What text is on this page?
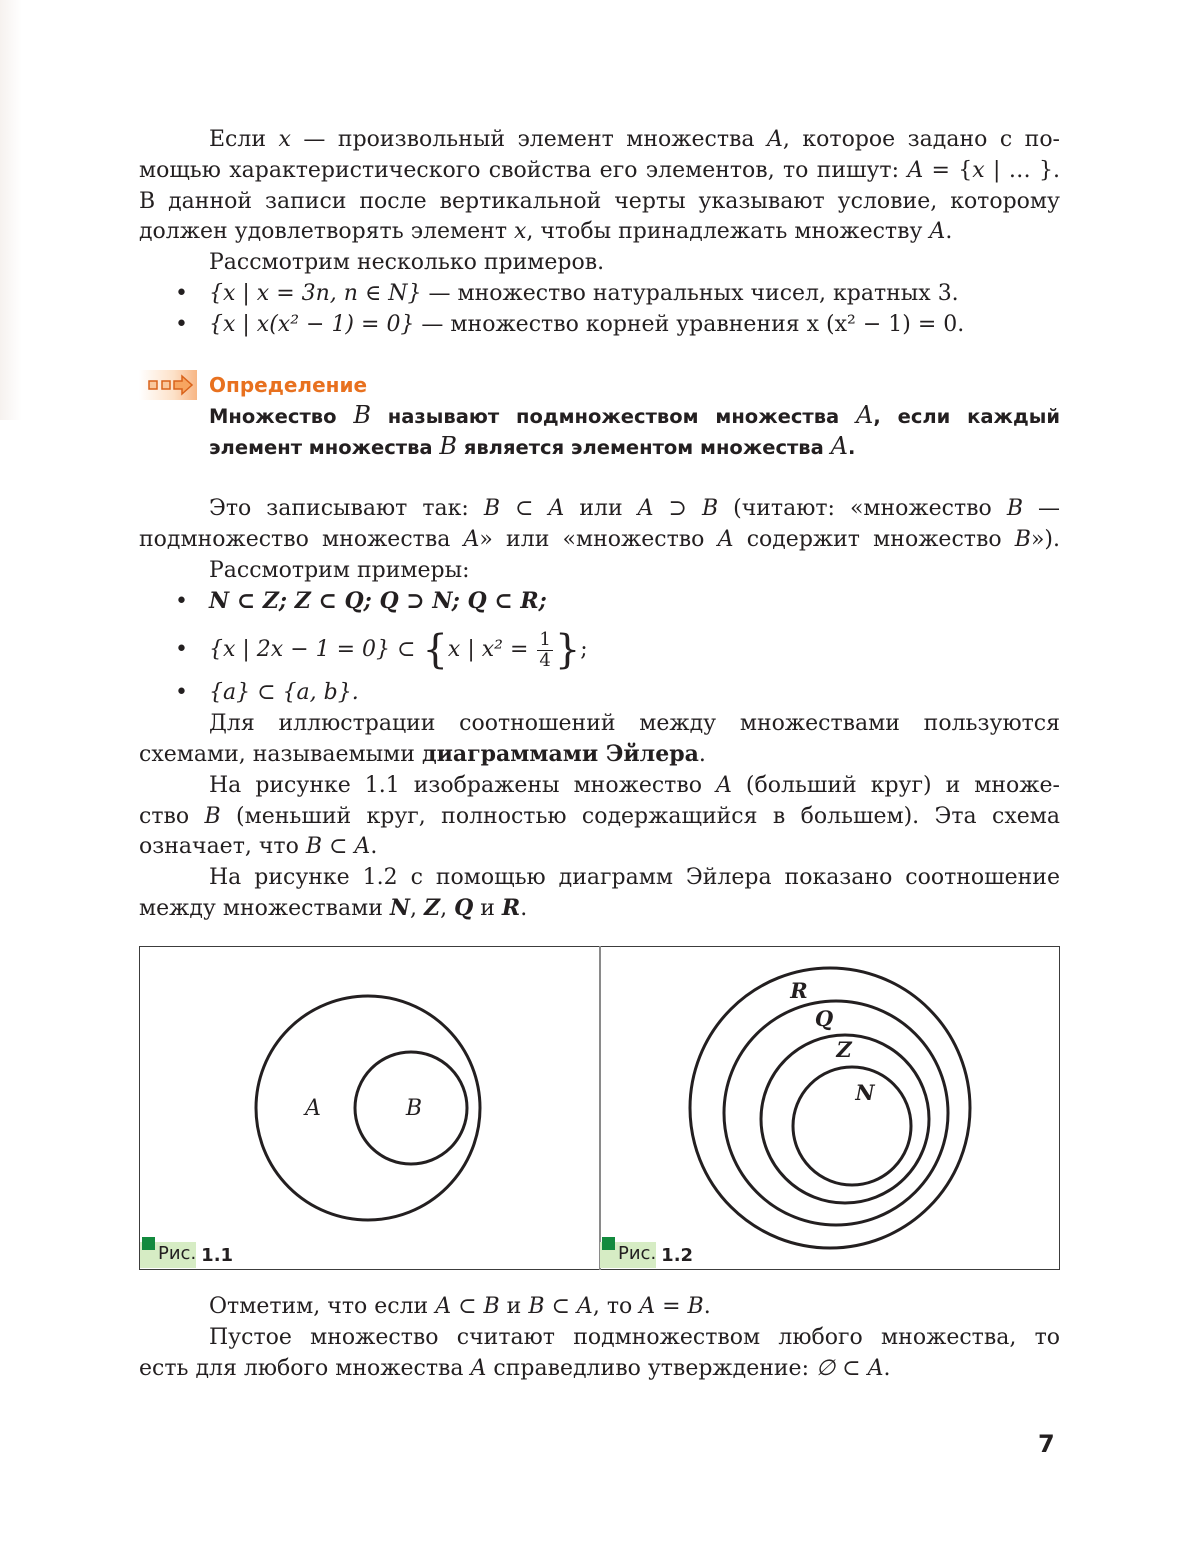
Если x — произвольный элемент множества A, которое задано с по-
мощью характеристического свойства его элементов, то пишут: A = {x | … }.
В данной записи после вертикальной черты указывают условие, которому
должен удовлетворять элемент x, чтобы принадлежать множеству A.
Рассмотрим несколько примеров.
• {x | x = 3n, n ∈ N} — множество натуральных чисел, кратных 3.
• {x | x(x² − 1) = 0} — множество корней уравнения x (x² − 1) = 0.
Определение
Множество B называют подмножеством множества A, если каждый
элемент множества B является элементом множества A.
Это записывают так: B ⊂ A или A ⊃ B (читают: «множество B —
подмножество множества A» или «множество A содержит множество B»).
Рассмотрим примеры:
• N ⊂ Z; Z ⊂ Q; Q ⊃ N; Q ⊂ R;
• {x | 2x − 1 = 0} ⊂ {x | $x^2 = \frac{1}{4}$ };
• {a} ⊂ {a, b}.
Для иллюстрации соотношений между множествами пользуются
схемами, называемыми диаграммами Эйлера.
На рисунке 1.1 изображены множество A (больший круг) и множе-
ство B (меньший круг, полностью содержащийся в большем). Эта схема
означает, что B ⊂ A.
На рисунке 1.2 с помощью диаграмм Эйлера показано соотношение
между множествами N, Z, Q и R.
A	B
R
Q
Z
N
Рис. 1.1	Рис. 1.2
Отметим, что если A ⊂ B и B ⊂ A, то A = B.
Пустое множество считают подмножеством любого множества, то
есть для любого множества A справедливо утверждение: ∅ ⊂ A.
7
